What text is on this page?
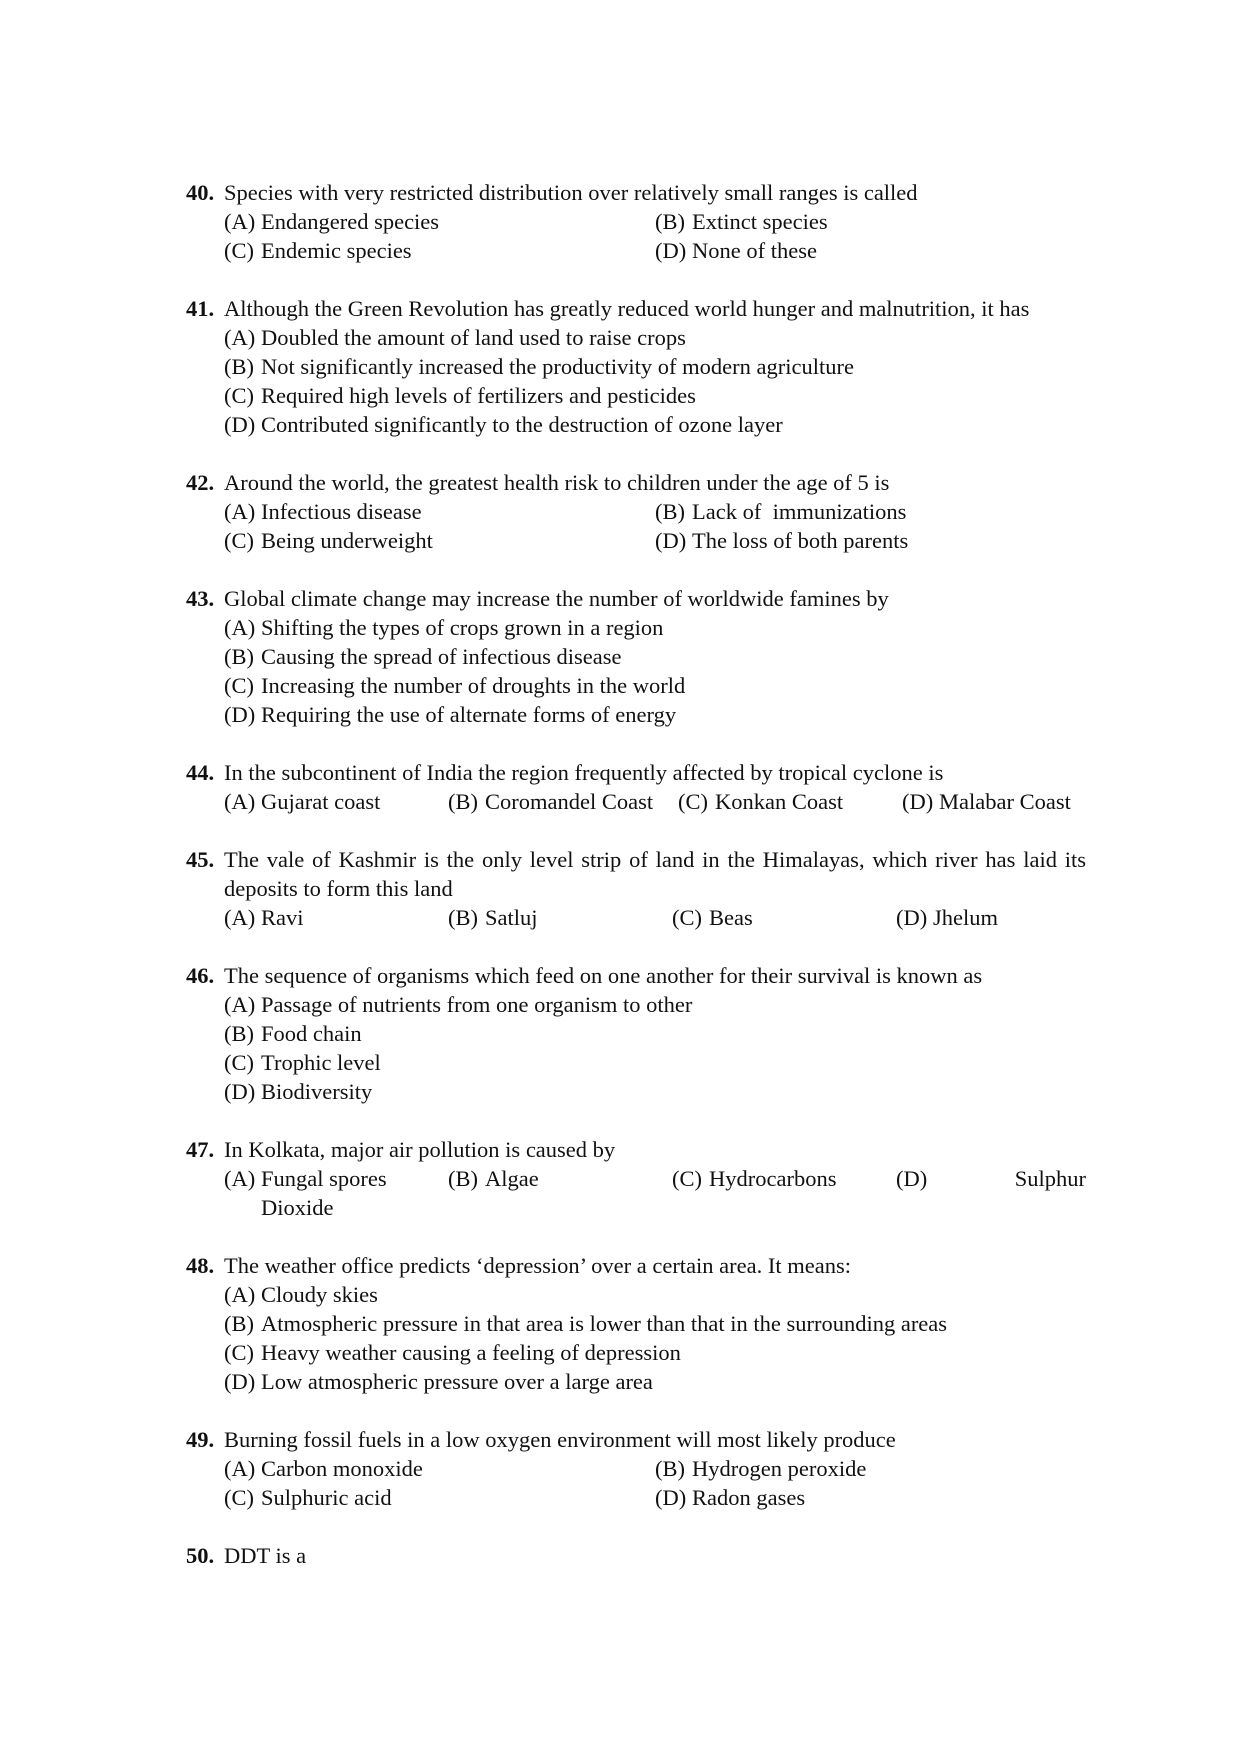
40. Species with very restricted distribution over relatively small ranges is called
(A) Endangered species	(B) Extinct species
(C) Endemic species	(D) None of these
41. Although the Green Revolution has greatly reduced world hunger and malnutrition, it has
(A) Doubled the amount of land used to raise crops
(B) Not significantly increased the productivity of modern agriculture
(C) Required high levels of fertilizers and pesticides
(D) Contributed significantly to the destruction of ozone layer
42. Around the world, the greatest health risk to children under the age of 5 is
(A) Infectious disease	(B) Lack of  immunizations
(C) Being underweight	(D) The loss of both parents
43. Global climate change may increase the number of worldwide famines by
(A) Shifting the types of crops grown in a region
(B) Causing the spread of infectious disease
(C) Increasing the number of droughts in the world
(D) Requiring the use of alternate forms of energy
44. In the subcontinent of India the region frequently affected by tropical cyclone is
(A) Gujarat coast	(B) Coromandel Coast (C) Konkan Coast	(D) Malabar Coast
45. The vale of Kashmir is the only level strip of land in the Himalayas, which river has laid its deposits to form this land
(A) Ravi	(B) Satluj	(C) Beas	(D) Jhelum
46. The sequence of organisms which feed on one another for their survival is known as
(A) Passage of nutrients from one organism to other
(B) Food chain
(C) Trophic level
(D) Biodiversity
47. In Kolkata, major air pollution is caused by
(A) Fungal spores	(B) Algae	(C) Hydrocarbons	(D)	Sulphur
Dioxide
48. The weather office predicts ‘depression’ over a certain area. It means:
(A) Cloudy skies
(B) Atmospheric pressure in that area is lower than that in the surrounding areas
(C) Heavy weather causing a feeling of depression
(D) Low atmospheric pressure over a large area
49. Burning fossil fuels in a low oxygen environment will most likely produce
(A) Carbon monoxide	(B) Hydrogen peroxide
(C) Sulphuric acid	(D) Radon gases
50. DDT is a
